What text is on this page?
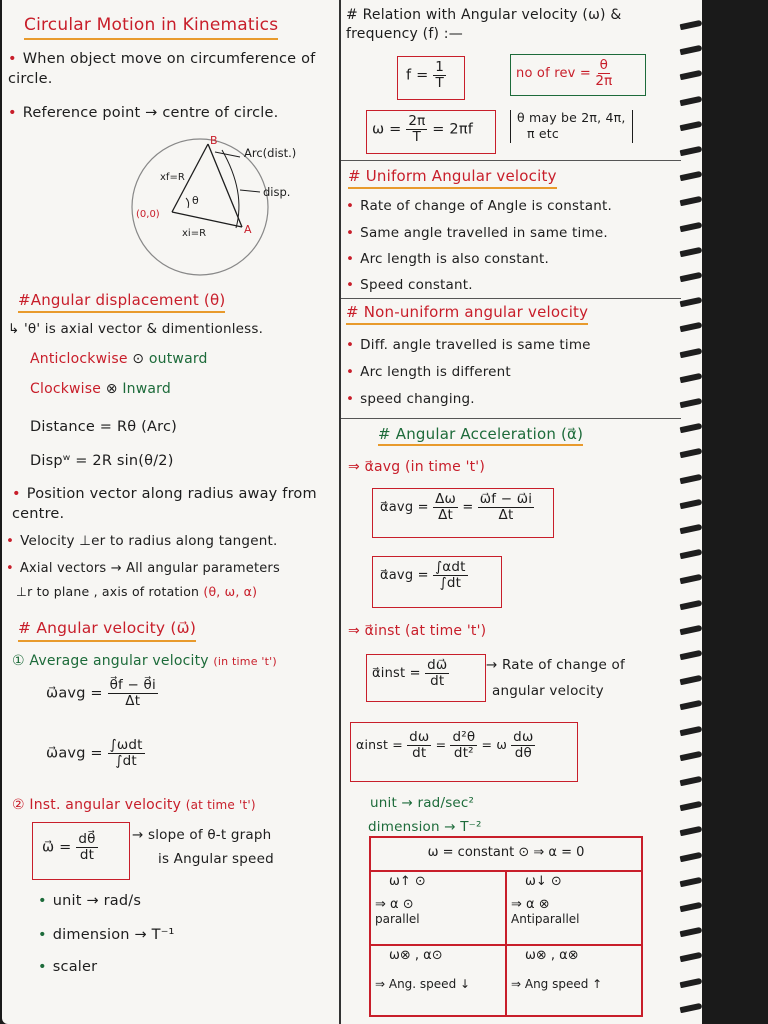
Circular Motion in Kinematics
• When object move on circumference of circle.
• Reference point → centre of circle.
B
A
(0,0)
xf=R
xi=R
θ
Arc(dist.)
disp.
#Angular displacement (θ)
↳ 'θ' is axial vector & dimentionless.
Anticlockwise ⊙ outward
Clockwise ⊗ Inward
Distance = Rθ (Arc)
Dispʷ = 2R sin(θ/2)
• Position vector along radius away from centre.
• Velocity ⊥er to radius along tangent.
• Axial vectors → All angular parameters
⊥r to plane , axis of rotation (θ, ω, α)
# Angular velocity (ω⃗)
① Average angular velocity (in time 't')
ω⃗avg = $\frac{\theta⃗f - \theta⃗i}{\Delta t}$
ω⃗avg = $\frac{\text{∫ωdt}}{\int dt}$
② Inst. angular velocity (at time 't')
ω⃗ = $\frac{d\theta⃗}{dt}$	→ slope of θ-t graph
is Angular speed
• unit → rad/s
• dimension → T⁻¹
• scaler
# Relation with Angular velocity (ω) & frequency (f) :—
$f = \frac{1}{T}$	no of rev = $\frac{\theta}{2\pi}$
$\omega = \frac{2\pi}{T} = 2\pi f$
θ may be 2π, 4π,
π etc
# Uniform Angular velocity
• Rate of change of Angle is constant.
• Same angle travelled in same time.
• Arc length is also constant.
• Speed constant.
# Non-uniform angular velocity
• Diff. angle travelled is same time
• Arc length is different
• speed changing.
# Angular Acceleration (α⃗)
⇒ α⃗avg (in time 't')
α⃗avg = $\frac{\Delta\omega}{\Delta t} = \frac{\omega⃗f - \omega⃗i}{\Delta t}$
α⃗avg = $\frac{\text{∫αdt}}{\int dt}$
⇒ α⃗inst (at time 't')
α⃗inst = $\frac{d\omega⃗}{dt}$	→ Rate of change of
angular velocity
αinst = $\frac{d\omega}{dt} = \frac{\text{d²θ}}{\text{dt²}} = \omega \frac{d\omega}{d\theta}$
unit → rad/sec²
dimension → T⁻²
ω = constant ⊙ ⇒ α = 0
ω↑ ⊙
⇒ α ⊙
parallel
ω↓ ⊙
⇒ α ⊗
Antiparallel
ω⊗ , α⊙
⇒ Ang. speed ↓
ω⊗ , α⊗
⇒ Ang speed ↑
